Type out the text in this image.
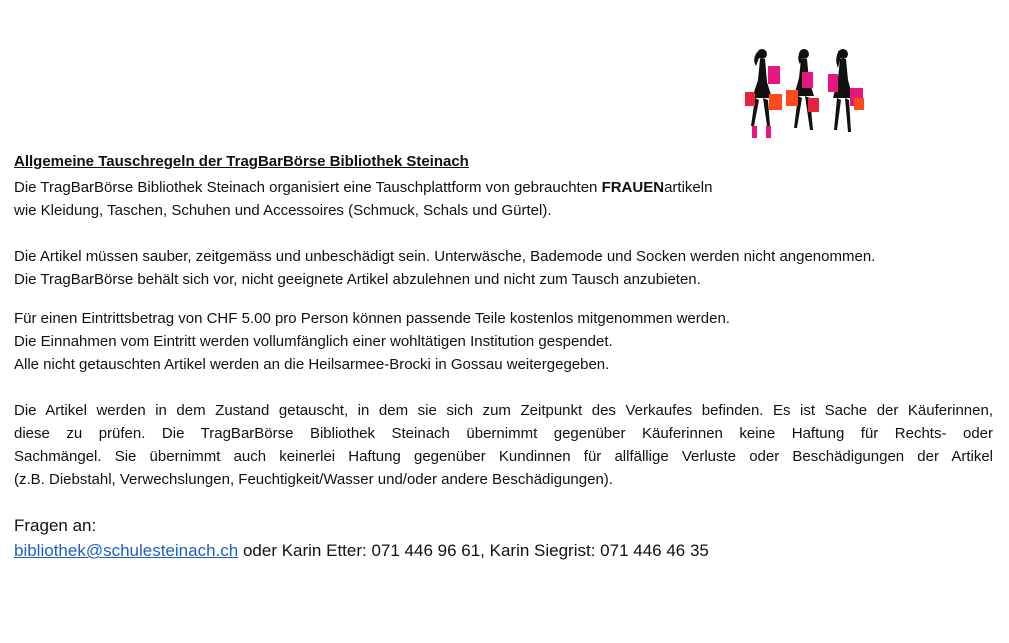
Allgemeine Tauschregeln der TragBarBörse Bibliothek Steinach
Die TragBarBörse Bibliothek Steinach organisiert eine Tauschplattform von gebrauchten FRAUENartikeln
wie Kleidung, Taschen, Schuhen und Accessoires (Schmuck, Schals und Gürtel).
Die Artikel müssen sauber, zeitgemäss und unbeschädigt sein. Unterwäsche, Bademode und Socken werden nicht angenommen.
Die TragBarBörse behält sich vor, nicht geeignete Artikel abzulehnen und nicht zum Tausch anzubieten.
Für einen Eintrittsbetrag von CHF 5.00 pro Person können passende Teile kostenlos mitgenommen werden.
Die Einnahmen vom Eintritt werden vollumfänglich einer wohltätigen Institution gespendet.
Alle nicht getauschten Artikel werden an die Heilsarmee-Brocki in Gossau weitergegeben.
Die Artikel werden in dem Zustand getauscht, in dem sie sich zum Zeitpunkt des Verkaufes befinden. Es ist Sache der Käuferinnen,
diese zu prüfen. Die TragBarBörse Bibliothek Steinach übernimmt gegenüber Käuferinnen keine Haftung für Rechts- oder
Sachmängel. Sie übernimmt auch keinerlei Haftung gegenüber Kundinnen für allfällige Verluste oder Beschädigungen der Artikel
(z.B. Diebstahl, Verwechslungen, Feuchtigkeit/Wasser und/oder andere Beschädigungen).
Fragen an:
bibliothek@schulesteinach.ch oder Karin Etter: 071 446 96 61, Karin Siegrist: 071 446 46 35
